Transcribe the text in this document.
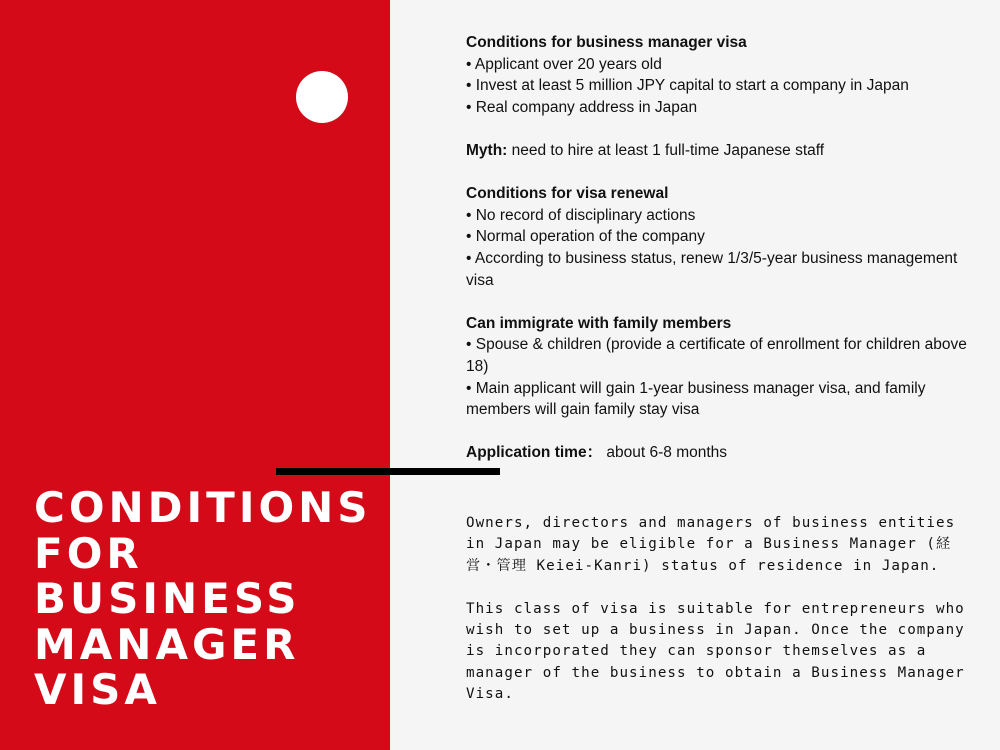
CONDITIONS
FOR
BUSINESS
MANAGER
VISA
Conditions for business manager visa
• Applicant over 20 years old
• Invest at least 5 million JPY capital to start a company in Japan
• Real company address in Japan
Myth: need to hire at least 1 full-time Japanese staff
Conditions for visa renewal
• No record of disciplinary actions
• Normal operation of the company
• According to business status, renew 1/3/5-year business management visa
Can immigrate with family members
• Spouse & children (provide a certificate of enrollment for children above 18)
• Main applicant will gain 1-year business manager visa, and family members will gain family stay visa
Application time： about 6-8 months

Owners, directors and managers of business entities in Japan may be eligible for a Business Manager (経営・管理 Keiei-Kanri) status of residence in Japan.

This class of visa is suitable for entrepreneurs who wish to set up a business in Japan. Once the company is incorporated they can sponsor themselves as a manager of the business to obtain a Business Manager Visa.
